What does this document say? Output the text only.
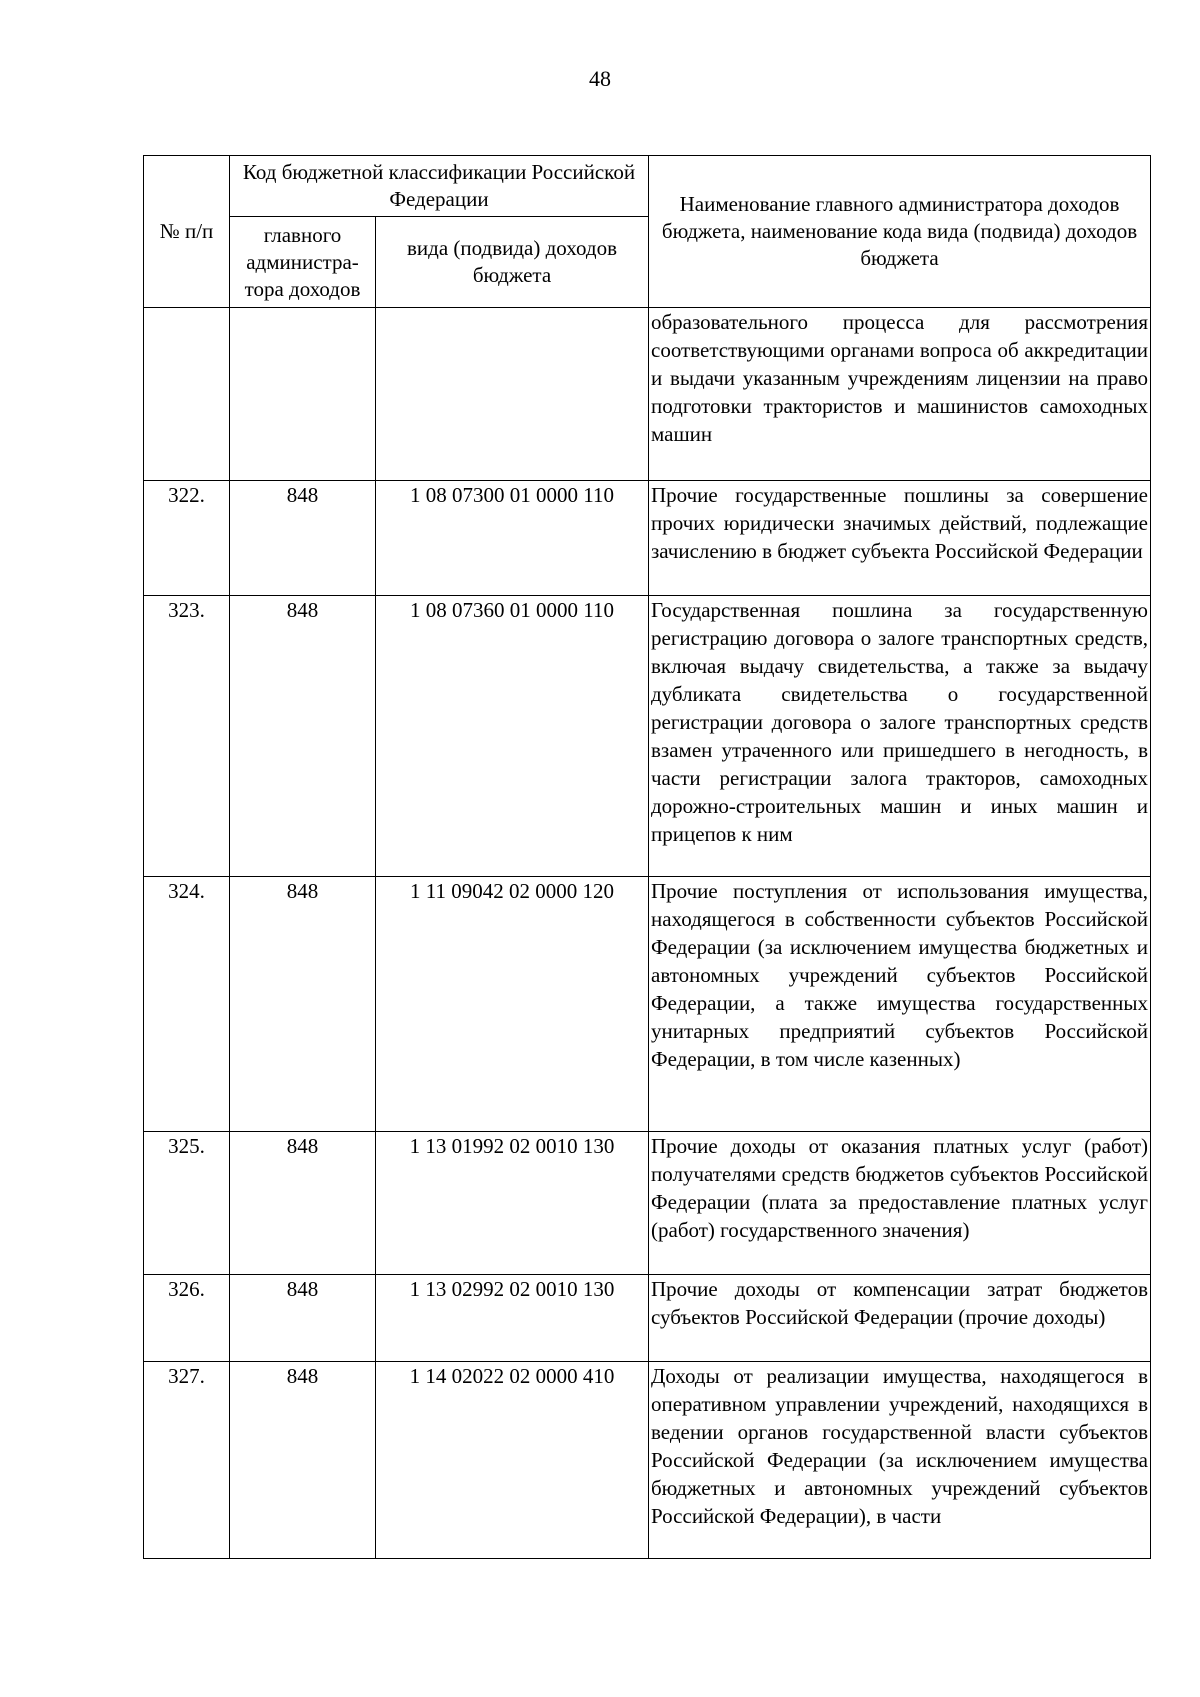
48
№ п/п	Код бюджетной классификации Российской Федерации		Наименование главного администратора доходов бюджета, наименование кода вида (подвида) доходов бюджета
	главного администра-тора доходов	вида (подвида) доходов бюджета	
			образовательного процесса для рассмотрения соответствующими органами вопроса об аккредитации и выдачи указанным учреждениям лицензии на право подготовки трактористов и машинистов самоходных машин
322.	848	1 08 07300 01 0000 110	Прочие государственные пошлины за совершение прочих юридически значимых действий, подлежащие зачислению в бюджет субъекта Российской Федерации
323.	848	1 08 07360 01 0000 110	Государственная пошлина за государственную регистрацию договора о залоге транспортных средств, включая выдачу свидетельства, а также за выдачу дубликата свидетельства о государственной регистрации договора о залоге транспортных средств взамен утраченного или пришедшего в негодность, в части регистрации залога тракторов, самоходных дорожно-строительных машин и иных машин и прицепов к ним
324.	848	1 11 09042 02 0000 120	Прочие поступления от использования имущества, находящегося в собственности субъектов Российской Федерации (за исключением имущества бюджетных и автономных учреждений субъектов Российской Федерации, а также имущества государственных унитарных предприятий субъектов Российской Федерации, в том числе казенных)
325.	848	1 13 01992 02 0010 130	Прочие доходы от оказания платных услуг (работ) получателями средств бюджетов субъектов Российской Федерации (плата за предоставление платных услуг (работ) государственного значения)
326.	848	1 13 02992 02 0010 130	Прочие доходы от компенсации затрат бюджетов субъектов Российской Федерации (прочие доходы)
327.	848	1 14 02022 02 0000 410	Доходы от реализации имущества, находящегося в оперативном управлении учреждений, находящихся в ведении органов государственной власти субъектов Российской Федерации (за исключением имущества бюджетных и автономных учреждений субъектов Российской Федерации), в части
